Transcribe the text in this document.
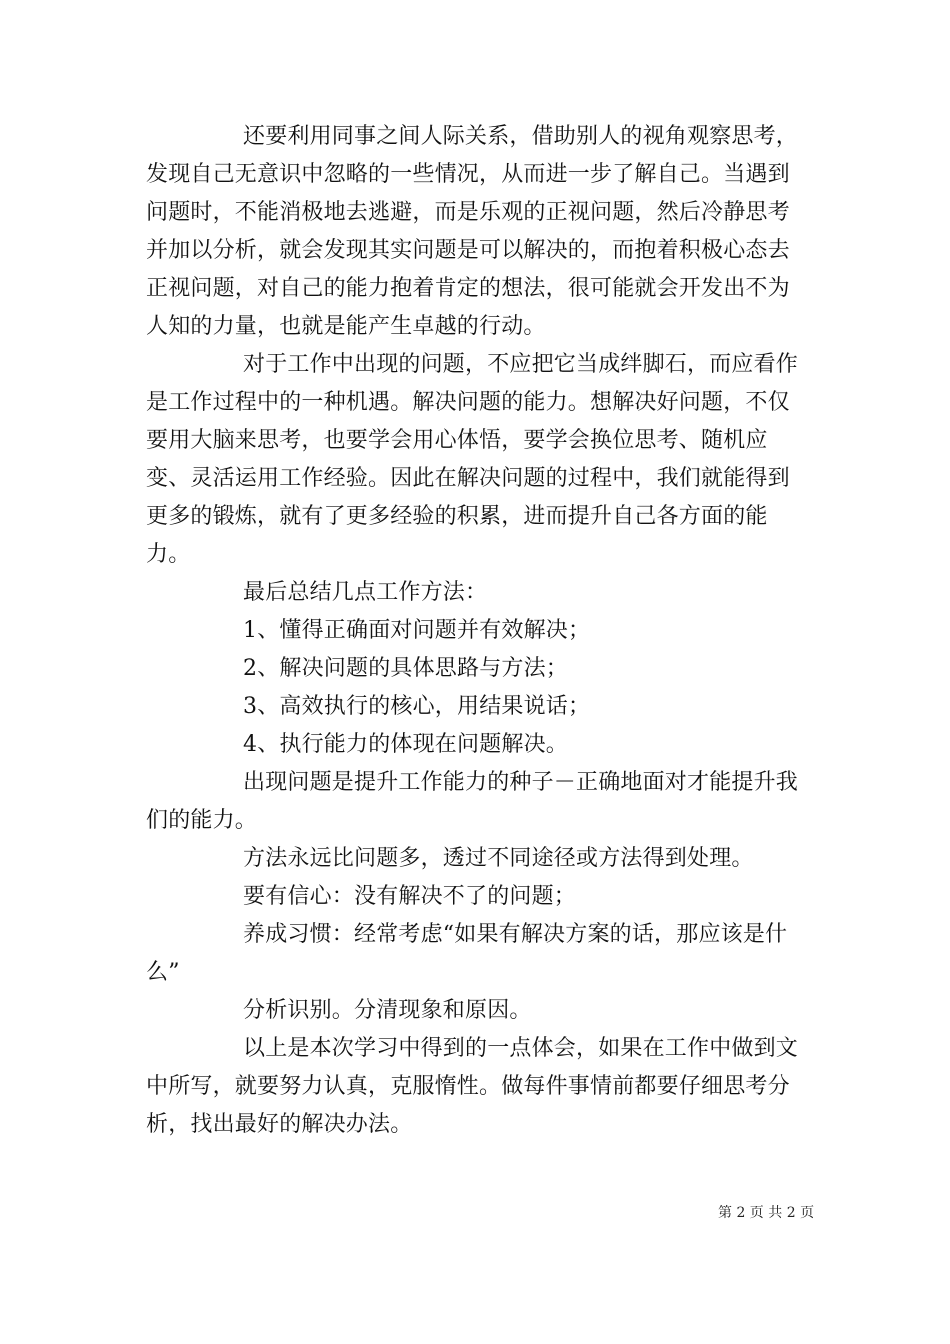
还要利用同事之间人际关系，借助别人的视角观察思考，发现自己无意识中忽略的一些情况，从而进一步了解自己。当遇到问题时，不能消极地去逃避，而是乐观的正视问题，然后冷静思考并加以分析，就会发现其实问题是可以解决的，而抱着积极心态去正视问题，对自己的能力抱着肯定的想法，很可能就会开发出不为人知的力量，也就是能产生卓越的行动。

对于工作中出现的问题，不应把它当成绊脚石，而应看作是工作过程中的一种机遇。解决问题的能力。想解决好问题，不仅要用大脑来思考，也要学会用心体悟，要学会换位思考、随机应变、灵活运用工作经验。因此在解决问题的过程中，我们就能得到更多的锻炼，就有了更多经验的积累，进而提升自己各方面的能力。

最后总结几点工作方法：

1、懂得正确面对问题并有效解决；

2、解决问题的具体思路与方法；

3、高效执行的核心，用结果说话；

4、执行能力的体现在问题解决。

出现问题是提升工作能力的种子－正确地面对才能提升我们的能力。

方法永远比问题多，透过不同途径或方法得到处理。

要有信心：没有解决不了的问题；

养成习惯：经常考虑“如果有解决方案的话，那应该是什么”

分析识别。分清现象和原因。

以上是本次学习中得到的一点体会，如果在工作中做到文中所写，就要努力认真，克服惰性。做每件事情前都要仔细思考分析，找出最好的解决办法。

第 2 页 共 2 页
